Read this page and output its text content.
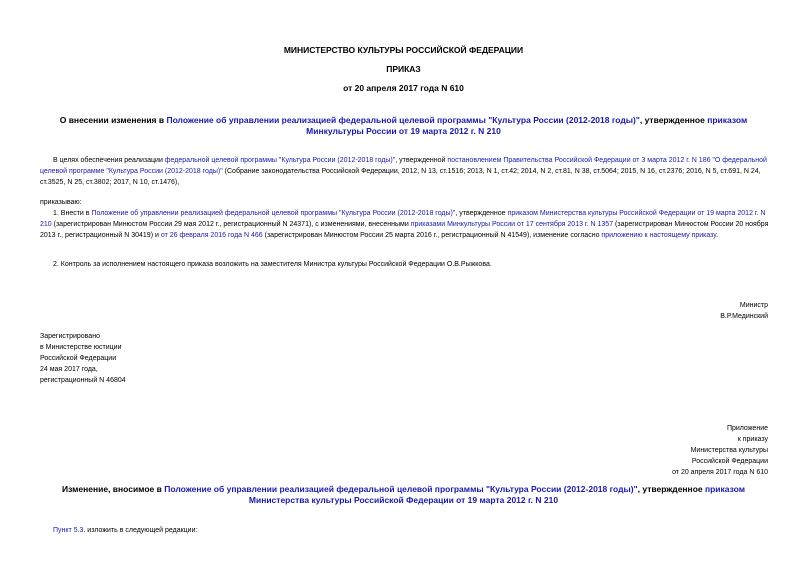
МИНИСТЕРСТВО КУЛЬТУРЫ РОССИЙСКОЙ ФЕДЕРАЦИИ
ПРИКАЗ
от 20 апреля 2017 года N 610
О внесении изменения в Положение об управлении реализацией федеральной целевой программы "Культура России (2012-2018 годы)", утвержденное приказом Минкультуры России от 19 марта 2012 г. N 210
В целях обеспечения реализации федеральной целевой программы "Культура России (2012-2018 годы)", утвержденной постановлением Правительства Российской Федерации от 3 марта 2012 г. N 186 "О федеральной целевой программе "Культура России (2012-2018 годы)" (Собрание законодательства Российской Федерации, 2012, N 13, ст.1516; 2013, N 1, ст.42; 2014, N 2, ст.81, N 38, ст.5064; 2015, N 16, ст.2376; 2016, N 5, ст.691, N 24, ст.3525, N 25, ст.3802; 2017, N 10, ст.1476),
приказываю:
1. Внести в Положение об управлении реализацией федеральной целевой программы "Культура России (2012-2018 годы)", утвержденное приказом Министерства культуры Российской Федерации от 19 марта 2012 г. N 210 (зарегистрирован Минюстом России 29 мая 2012 г., регистрационный N 24371), с изменениями, внесенными приказами Минкультуры России от 17 сентября 2013 г. N 1357 (зарегистрирован Минюстом России 20 ноября 2013 г., регистрационный N 30419) и от 26 февраля 2016 года N 466 (зарегистрирован Минюстом России 25 марта 2016 г., регистрационный N 41549), изменение согласно приложению к настоящему приказу.
2. Контроль за исполнением настоящего приказа возложить на заместителя Министра культуры Российской Федерации О.В.Рыжкова.
Министр
В.Р.Мединский
Зарегистрировано
в Министерстве юстиции
Российской Федерации
24 мая 2017 года,
регистрационный N 46804
Приложение
к приказу
Министерства культуры
Российской Федерации
от 20 апреля 2017 года N 610
Изменение, вносимое в Положение об управлении реализацией федеральной целевой программы "Культура России (2012-2018 годы)", утвержденное приказом Министерства культуры Российской Федерации от 19 марта 2012 г. N 210
Пункт 5.3. изложить в следующей редакции:
